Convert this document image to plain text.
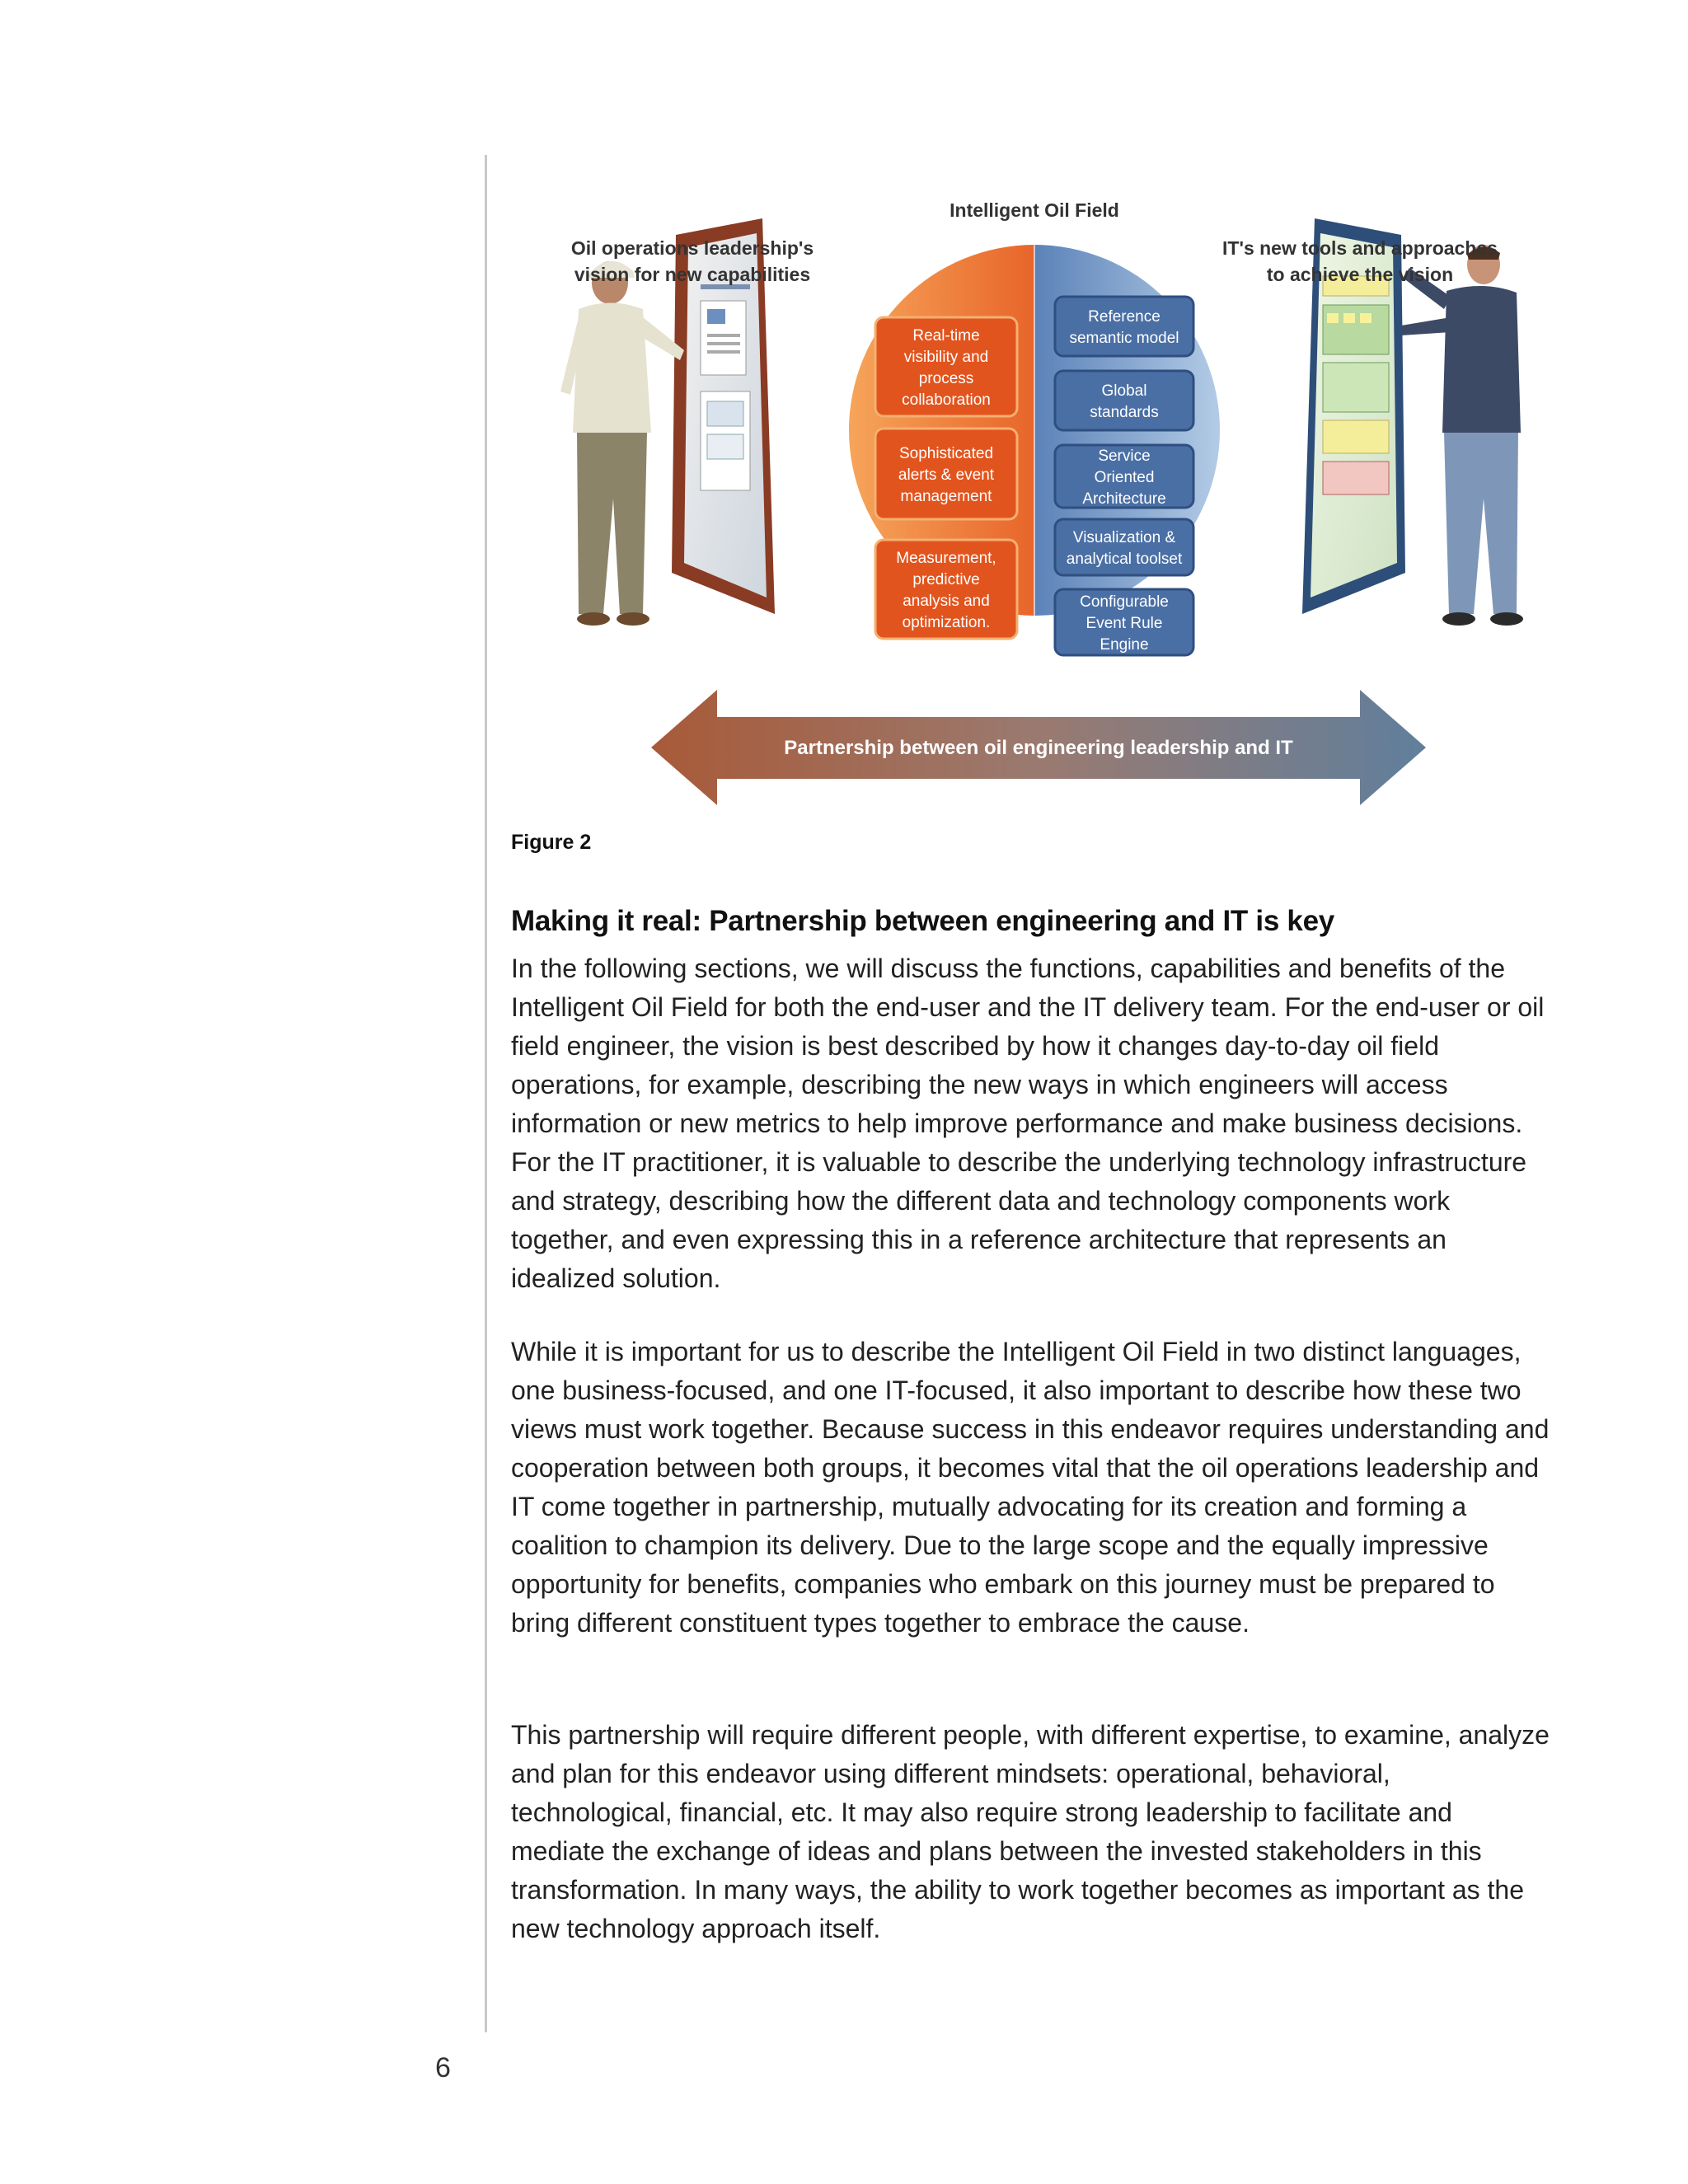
Intelligent Oil Field
Oil operations leadership's
vision for new capabilities
IT's new tools and approaches
to achieve the vision
Real-time
visibility and
process
collaboration
Sophisticated
alerts & event
management
Measurement,
predictive
analysis and
optimization.
Reference
semantic model
Global
standards
Service
Oriented
Architecture
Visualization &
analytical toolset
Configurable
Event Rule
Engine
Partnership between oil engineering leadership and IT
Figure 2
Making it real: Partnership between engineering and IT is key
In the following sections, we will discuss the functions, capabilities and benefits of the Intelligent Oil Field for both the end-user and the IT delivery team. For the end-user or oil field engineer, the vision is best described by how it changes day-to-day oil field operations, for example, describing the new ways in which engineers will access information or new metrics to help improve performance and make business decisions. For the IT practitioner, it is valuable to describe the underlying technology infrastructure and strategy, describing how the different data and technology components work together, and even expressing this in a reference architecture that represents an idealized solution.
While it is important for us to describe the Intelligent Oil Field in two distinct languages, one business-focused, and one IT-focused, it also important to describe how these two views must work together. Because success in this endeavor requires understanding and cooperation between both groups, it becomes vital that the oil operations leadership and IT come together in partnership, mutually advocating for its creation and forming a coalition to champion its delivery. Due to the large scope and the equally impressive opportunity for benefits, companies who embark on this journey must be prepared to bring different constituent types together to embrace the cause.
This partnership will require different people, with different expertise, to examine, analyze and plan for this endeavor using different mindsets: operational, behavioral, technological, financial, etc. It may also require strong leadership to facilitate and mediate the exchange of ideas and plans between the invested stakeholders in this transformation. In many ways, the ability to work together becomes as important as the new technology approach itself.
6
